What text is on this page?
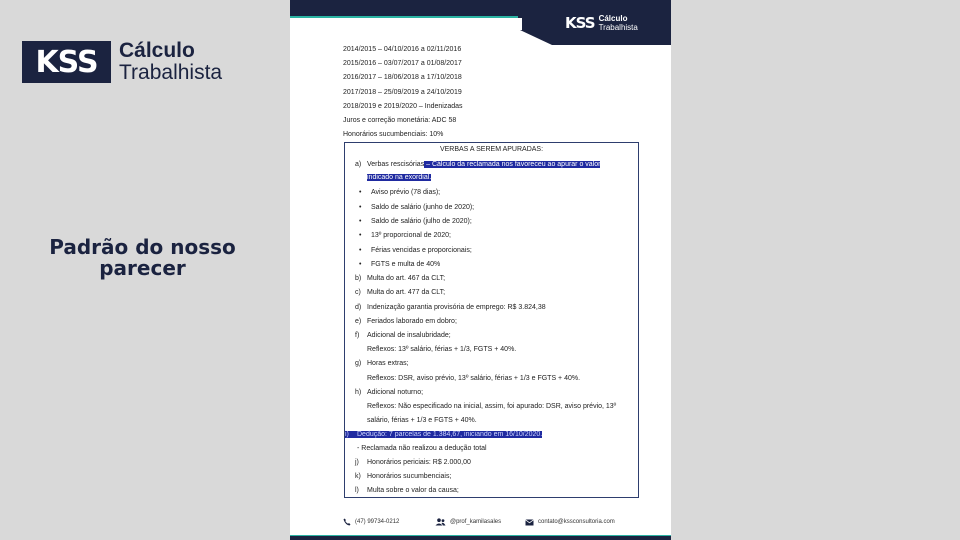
KSS Cálculo
Trabalhista
Padrão do nosso
parecer
KSS Cálculo
Trabalhista
2014/2015 – 04/10/2016 a 02/11/2016
2015/2016 – 03/07/2017 a 01/08/2017
2016/2017 – 18/06/2018 a 17/10/2018
2017/2018 – 25/09/2019 a 24/10/2019
2018/2019 e 2019/2020 – Indenizadas
Juros e correção monetária: ADC 58
Honorários sucumbenciais: 10%
VERBAS A SEREM APURADAS:
a) Verbas rescisórias – Cálculo da reclamada nos favoreceu ao apurar o valor
indicado na exordial.
• Aviso prévio (78 dias);
• Saldo de salário (junho de 2020);
• Saldo de salário (julho de 2020);
• 13º proporcional de 2020;
• Férias vencidas e proporcionais;
• FGTS e multa de 40%
b) Multa do art. 467 da CLT;
c) Multa do art. 477 da CLT;
d) Indenização garantia provisória de emprego: R$ 3.824,38
e) Feriados laborado em dobro;
f) Adicional de insalubridade;
Reflexos: 13º salário, férias + 1/3, FGTS + 40%.
g) Horas extras;
Reflexos: DSR, aviso prévio, 13º salário, férias + 1/3 e FGTS + 40%.
h) Adicional noturno;
Reflexos: Não especificado na inicial, assim, foi apurado: DSR, aviso prévio, 13º
salário, férias + 1/3 e FGTS + 40%.
i) Dedução: 7 parcelas de 1.384,67, iniciando em 16/10/2020.
- Reclamada não realizou a dedução total
j) Honorários periciais: R$ 2.000,00
k) Honorários sucumbenciais;
l) Multa sobre o valor da causa;
(47) 99734-0212	@prof_kamilasales	contato@kssconsultoria.com
